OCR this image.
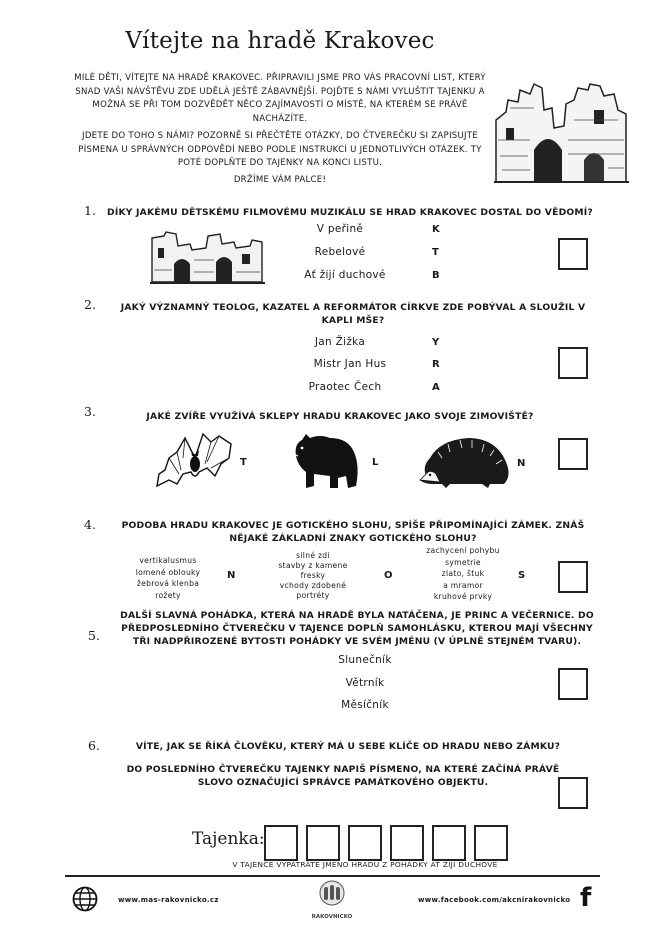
Vítejte na hradě Krakovec
MILÉ DĚTI, VÍTEJTE NA HRADĚ KRAKOVEC. PŘIPRAVILI JSME PRO VÁS PRACOVNÍ LIST, KTERÝ SNAD VAŠI NÁVŠTĚVU ZDE UDĚLÁ JEŠTĚ ZÁBAVNĚJŠÍ. POJĎTE S NÁMI VYLUŠTIT TAJENKU A MOŽNÁ SE PŘI TOM DOZVĚDĚT NĚCO ZAJÍMAVOSTÍ O MÍSTĚ, NA KTERÉM SE PRÁVĚ NACHÁZÍTE.
JDETE DO TOHO S NÁMI? POZORNĚ SI PŘEČTĚTE OTÁZKY, DO ČTVEREČKU SI ZAPISUJTE PÍSMENA U SPRÁVNÝCH ODPOVĚDÍ NEBO PODLE INSTRUKCÍ U JEDNOTLIVÝCH OTÁZEK. TY POTÉ DOPLŇTE DO TAJENKY NA KONCI LISTU.
DRŽÍME VÁM PALCE!
1.	DÍKY JAKÉMU DĚTSKÉMU FILMOVÉMU MUZIKÁLU SE HRAD KRAKOVEC DOSTAL DO VĚDOMÍ?
V peřině	K
Rebelové	T
Ať žijí duchové	B
2.	JAKÝ VÝZNAMNÝ TEOLOG, KAZATEL A REFORMÁTOR CÍRKVE ZDE POBÝVAL A SLOUŽIL V KAPLI MŠE?
Jan Žižka	Y
Mistr Jan Hus	R
Praotec Čech	A
3.	JAKÉ ZVÍŘE VYUŽÍVÁ SKLEPY HRADU KRAKOVEC JAKO SVOJE ZIMOVIŠTĚ?
T	L	N
4.	PODOBA HRADU KRAKOVEC JE GOTICKÉHO SLOHU, SPÍŠE PŘIPOMÍNAJÍCÍ ZÁMEK. ZNÁŠ NĚJAKÉ ZÁKLADNÍ ZNAKY GOTICKÉHO SLOHU?
vertikalusmus
lomené oblouky
žebrová klenba
rožety
N
silné zdi
stavby z kamene
fresky
vchody zdobené
portréty
O
zachycení pohybu
symetrie
zlato, štuk
a mramor
kruhové prvky
S
DALŠÍ SLAVNÁ POHÁDKA, KTERÁ NA HRADĚ BYLA NATÁČENA, JE PRINC A VEČERNICE. DO PŘEDPOSLEDNÍHO ČTVEREČKU V TAJENCE DOPLŇ SAMOHLÁSKU, KTEROU MAJÍ VŠECHNY TŘI NADPŘIROZENÉ BYTOSTI POHÁDKY VE SVÉM JMÉNU (V ÚPLNĚ STEJNÉM TVARU).
5.
Slunečník
Větrník
Měsíčník
6.	VÍTE, JAK SE ŘÍKÁ ČLOVĚKU, KTERÝ MÁ U SEBE KLÍČE OD HRADU NEBO ZÁMKU?
DO POSLEDNÍHO ČTVEREČKU TAJENKY NAPIŠ PÍSMENO, NA KTERÉ ZAČÍNÁ PRÁVĚ SLOVO OZNAČUJÍCÍ SPRÁVCE PAMÁTKOVÉHO OBJEKTU.
Tajenka:
V TAJENCE VYPÁTRÁTE JMÉNO HRADU Z POHÁDKY AŤ ŽIJÍ DUCHOVÉ
www.mas-rakovnicko.cz
RAKOVNICKO
www.facebook.com/akcnirakovnicko f
